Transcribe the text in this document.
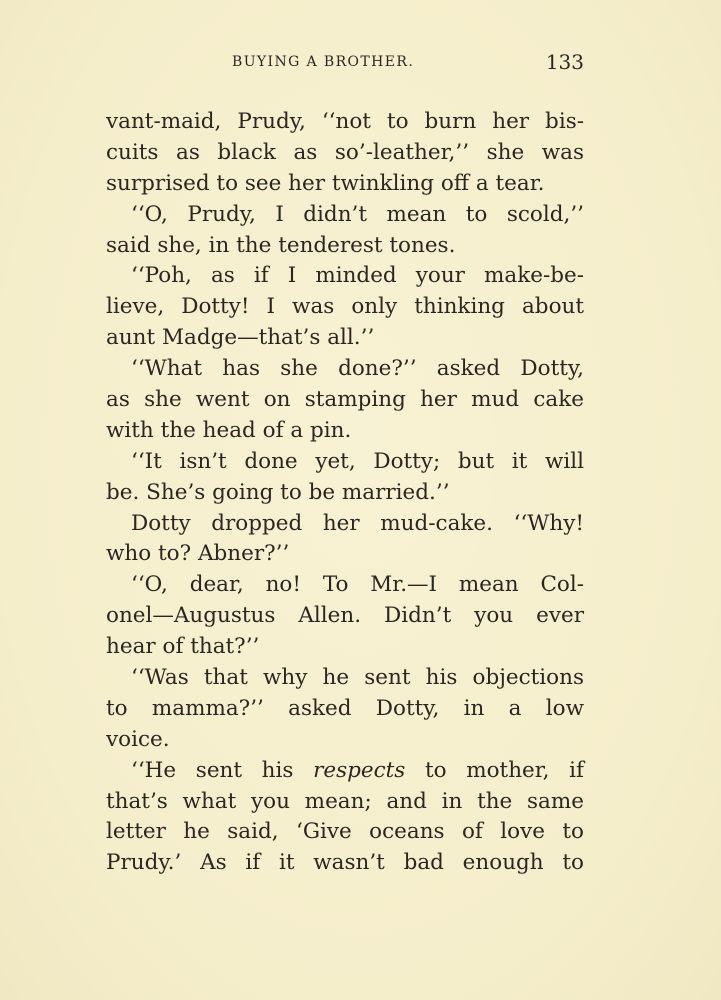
BUYING A BROTHER.	133
vant-maid, Prudy, ‘‘not to burn her bis-
cuits as black as so’-leather,’’ she was
surprised to see her twinkling off a tear.
‘‘O, Prudy, I didn’t mean to scold,’’
said she, in the tenderest tones.
‘‘Poh, as if I minded your make-be-
lieve, Dotty! I was only thinking about
aunt Madge—that’s all.’’
‘‘What has she done?’’ asked Dotty,
as she went on stamping her mud cake
with the head of a pin.
‘‘It isn’t done yet, Dotty; but it will
be. She’s going to be married.’’
Dotty dropped her mud-cake. ‘‘Why!
who to? Abner?’’
‘‘O, dear, no! To Mr.—I mean Col-
onel—Augustus Allen. Didn’t you ever
hear of that?’’
‘‘Was that why he sent his objections
to mamma?’’ asked Dotty, in a low
voice.
‘‘He sent his respects to mother, if
that’s what you mean; and in the same
letter he said, ‘Give oceans of love to
Prudy.’ As if it wasn’t bad enough to
